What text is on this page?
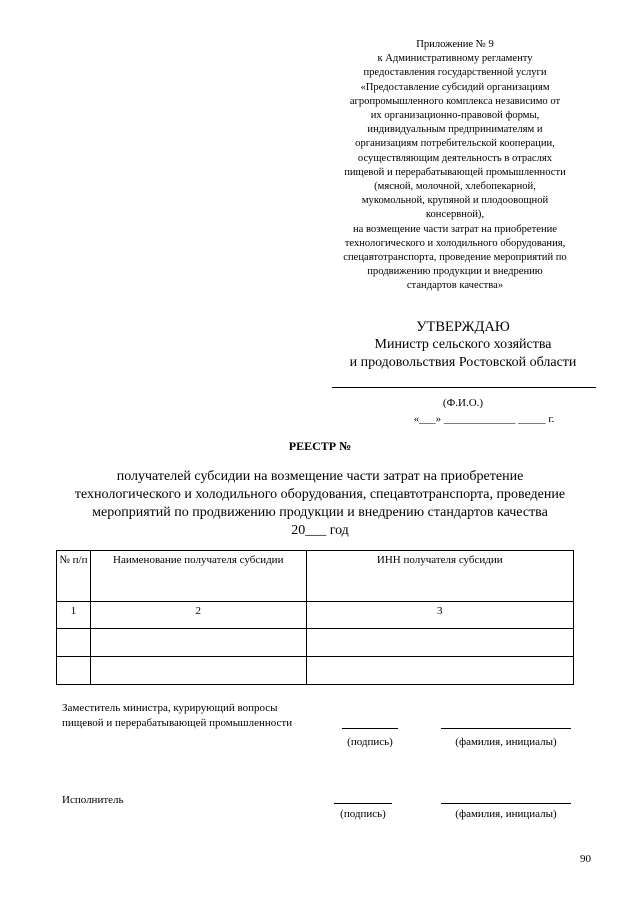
Приложение № 9
к Административному регламенту
предоставления государственной услуги
«Предоставление субсидий организациям
агропромышленного комплекса независимо от
их организационно-правовой формы,
индивидуальным предпринимателям и
организациям потребительской кооперации,
осуществляющим деятельность в отраслях
пищевой и перерабатывающей промышленности
(мясной, молочной, хлебопекарной,
мукомольной, крупяной и плодоовощной
консервной),
на возмещение части затрат на приобретение
технологического и холодильного оборудования,
спецавтотранспорта, проведение мероприятий по
продвижению продукции и внедрению
стандартов качества»
УТВЕРЖДАЮ
Министр сельского хозяйства
и продовольствия Ростовской области
(Ф.И.О.)
«___» _____________ _____ г.
РЕЕСТР №
получателей субсидии на возмещение части затрат на приобретение
технологического и холодильного оборудования, спецавтотранспорта, проведение
мероприятий по продвижению продукции и внедрению стандартов качества
20___ год
№ п/п	Наименование получателя субсидии	ИНН получателя субсидии
1	2	3

Заместитель министра, курирующий вопросы
пищевой и перерабатывающей промышленности
(подпись)	(фамилия, инициалы)
Исполнитель
(подпись)	(фамилия, инициалы)
90
